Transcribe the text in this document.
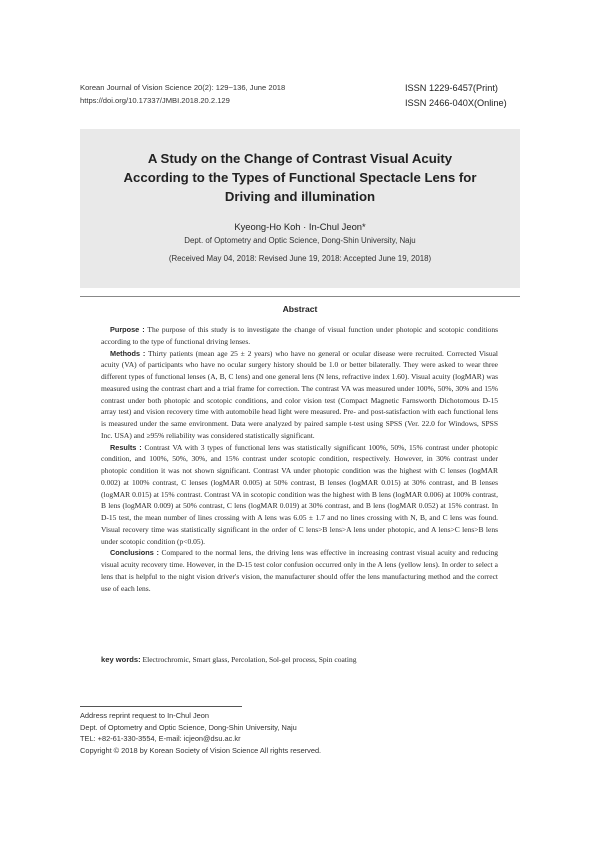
Korean Journal of Vision Science 20(2): 129~136, June 2018
https://doi.org/10.17337/JMBI.2018.20.2.129
ISSN 1229-6457(Print)
ISSN 2466-040X(Online)
A Study on the Change of Contrast Visual Acuity
According to the Types of Functional Spectacle Lens for
Driving and illumination
Kyeong-Ho Koh · In-Chul Jeon*
Dept. of Optometry and Optic Science, Dong-Shin University, Naju
(Received May 04, 2018: Revised June 19, 2018: Accepted June 19, 2018)
Abstract

Purpose : The purpose of this study is to investigate the change of visual function under photopic and scotopic conditions according to the type of functional driving lenses.

Methods : Thirty patients (mean age 25 ± 2 years) who have no general or ocular disease were recruited. Corrected Visual acuity (VA) of participants who have no ocular surgery history should be 1.0 or better bilaterally. They were asked to wear three different types of functional lenses (A, B, C lens) and one general lens (N lens, refractive index 1.60). Visual acuity (logMAR) was measured using the contrast chart and a trial frame for correction. The contrast VA was measured under 100%, 50%, 30% and 15% contrast under both photopic and scotopic conditions, and color vision test (Compact Magnetic Farnsworth Dichotomous D-15 array test) and vision recovery time with automobile head light were measured. Pre- and post-satisfaction with each functional lens is measured under the same environment. Data were analyzed by paired sample t-test using SPSS (Ver. 22.0 for Windows, SPSS Inc. USA) and ≥95% reliability was considered statistically significant.

Results : Contrast VA with 3 types of functional lens was statistically significant 100%, 50%, 15% contrast under photopic condition, and 100%, 50%, 30%, and 15% contrast under scotopic condition, respectively. However, in 30% contrast under photopic condition it was not shown significant. Contrast VA under photopic condition was the highest with C lenses (logMAR 0.002) at 100% contrast, C lenses (logMAR 0.005) at 50% contrast, B lenses (logMAR 0.015) at 30% contrast, and B lenses (logMAR 0.015) at 15% contrast. Contrast VA in scotopic condition was the highest with B lens (logMAR 0.006) at 100% contrast, B lens (logMAR 0.009) at 50% contrast, C lens (logMAR 0.019) at 30% contrast, and B lens (logMAR 0.052) at 15% contrast. In D-15 test, the mean number of lines crossing with A lens was 6.05 ± 1.7 and no lines crossing with N, B, and C lens was found. Visual recovery time was statistically significant in the order of C lens>B lens>A lens under photopic, and A lens>C lens>B lens under scotopic condition (p<0.05).

Conclusions : Compared to the normal lens, the driving lens was effective in increasing contrast visual acuity and reducing visual acuity recovery time. However, in the D-15 test color confusion occurred only in the A lens (yellow lens). In order to select a lens that is helpful to the night vision driver's vision, the manufacturer should offer the lens manufacturing method and the correct use of each lens.

key words: Electrochromic, Smart glass, Percolation, Sol-gel process, Spin coating
Address reprint request to In-Chul Jeon
Dept. of Optometry and Optic Science, Dong-Shin University, Naju
TEL: +82-61-330-3554, E-mail: icjeon@dsu.ac.kr
Copyright © 2018 by Korean Society of Vision Science All rights reserved.
